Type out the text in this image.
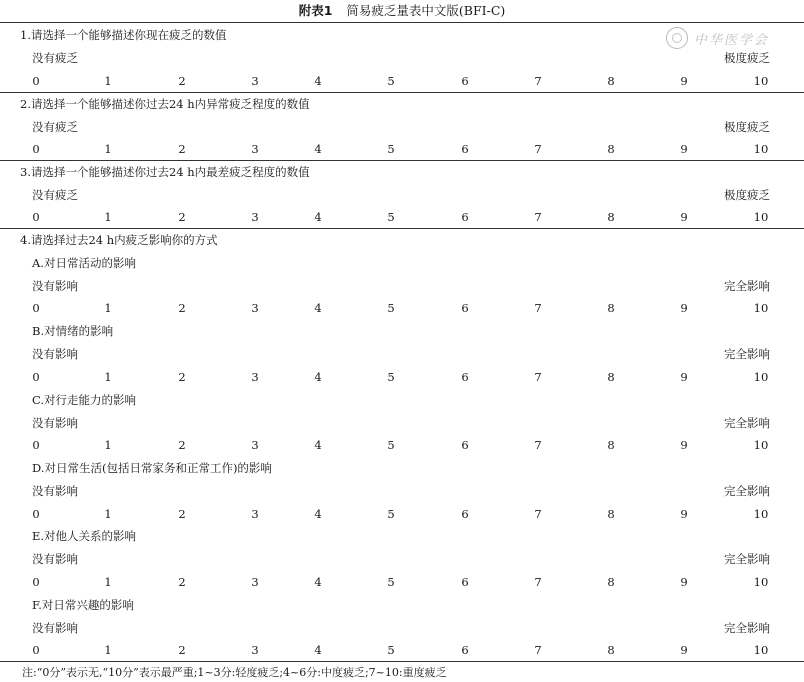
附表1 简易疲乏量表中文版(BFI-C)
中华医学会
1.请选择一个能够描述你现在疲乏的数值
没有疲乏	极度疲乏
0	1	2	3	4	5	6	7	8	9	10
2.请选择一个能够描述你过去24 h内异常疲乏程度的数值
没有疲乏	极度疲乏
0	1	2	3	4	5	6	7	8	9	10
3.请选择一个能够描述你过去24 h内最差疲乏程度的数值
没有疲乏	极度疲乏
0	1	2	3	4	5	6	7	8	9	10
4.请选择过去24 h内疲乏影响你的方式
A.对日常活动的影响
没有影响	完全影响
0	1	2	3	4	5	6	7	8	9	10
B.对情绪的影响
没有影响	完全影响
0	1	2	3	4	5	6	7	8	9	10
C.对行走能力的影响
没有影响	完全影响
0	1	2	3	4	5	6	7	8	9	10
D.对日常生活(包括日常家务和正常工作)的影响
没有影响	完全影响
0	1	2	3	4	5	6	7	8	9	10
E.对他人关系的影响
没有影响	完全影响
0	1	2	3	4	5	6	7	8	9	10
F.对日常兴趣的影响
没有影响	完全影响
0	1	2	3	4	5	6	7	8	9	10
注:“0分”表示无,“10分”表示最严重;1~3分:轻度疲乏;4~6分:中度疲乏;7~10:重度疲乏
